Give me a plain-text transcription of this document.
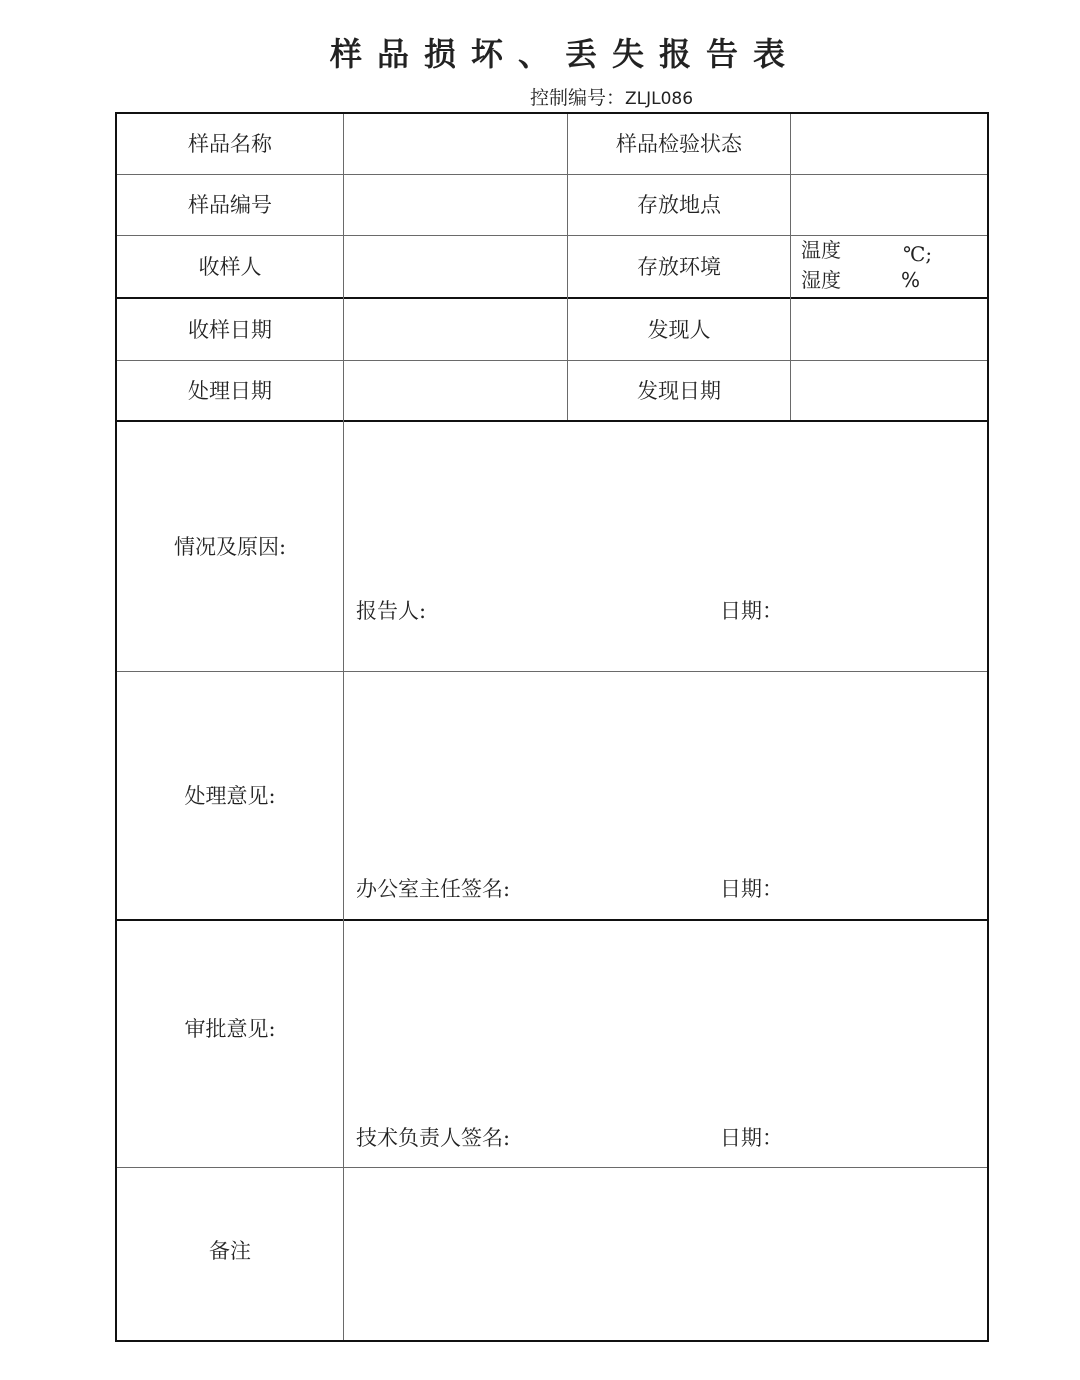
样品损坏、丢失报告表
控制编号：ZLJL086
样品名称	样品检验状态
样品编号	存放地点
收样人	存放环境
温度	℃;
湿度	%
收样日期	发现人
处理日期	发现日期
情况及原因:
报告人:	日期：
处理意见:
办公室主任签名:	日期：
审批意见:
技术负责人签名:	日期：
备注
